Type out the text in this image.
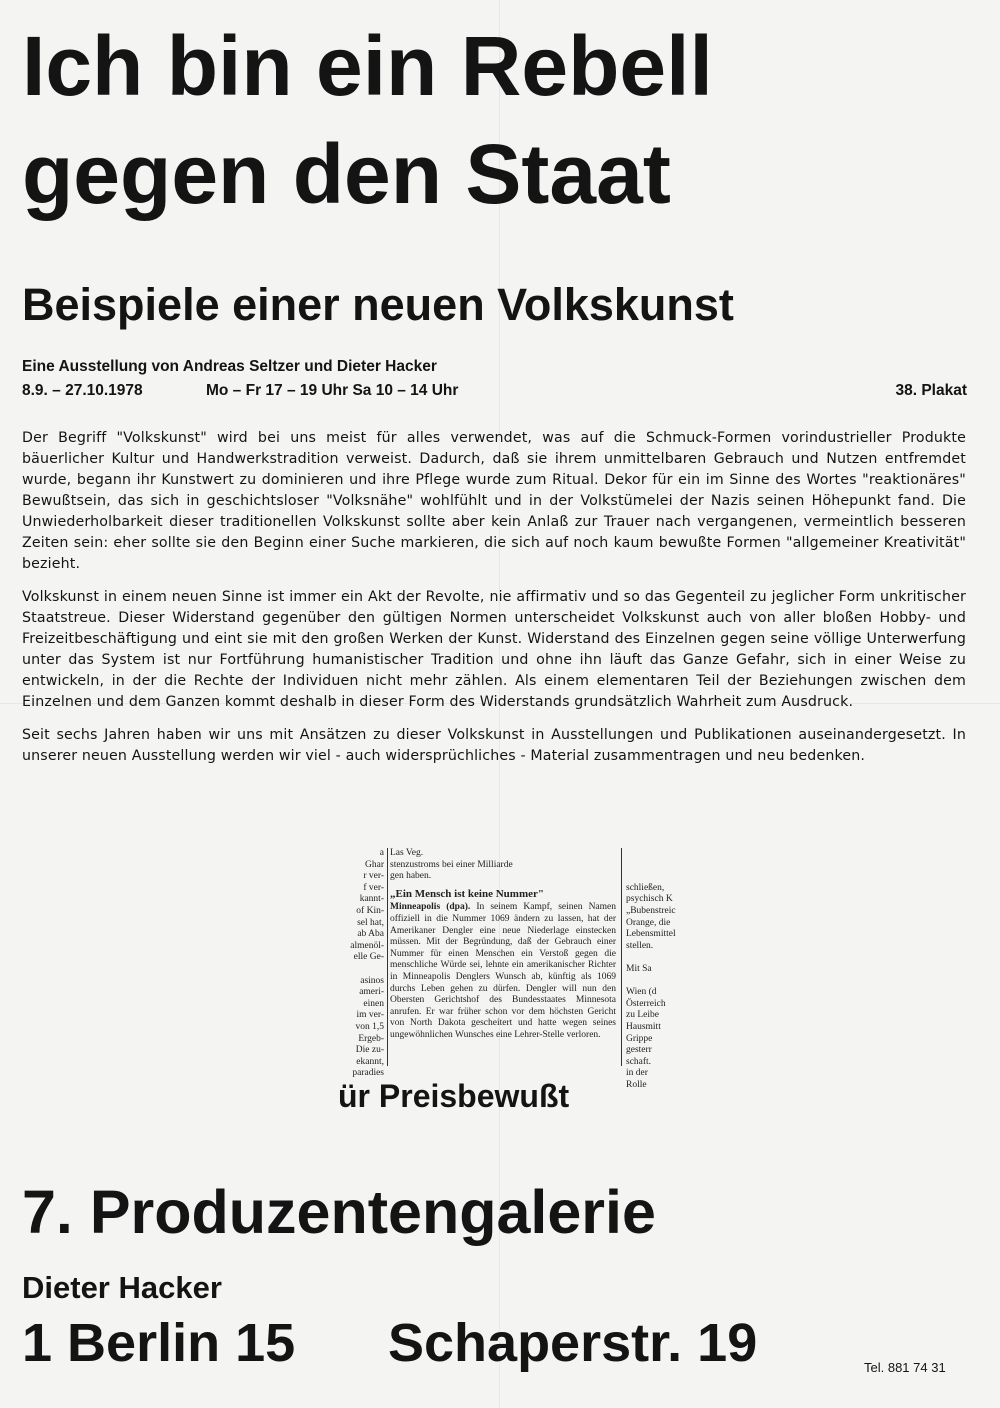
Ich bin ein Rebell
gegen den Staat
Beispiele einer neuen Volkskunst
Eine Ausstellung von Andreas Seltzer und Dieter Hacker
8.9. – 27.10.1978	Mo – Fr 17 – 19 Uhr Sa 10 – 14 Uhr	38. Plakat

Der Begriff "Volkskunst" wird bei uns meist für alles verwendet, was auf die Schmuck-Formen vorindustrieller Produkte bäuerlicher Kultur und Handwerkstradition verweist. Dadurch, daß sie ihrem unmittelbaren Gebrauch und Nutzen entfremdet wurde, begann ihr Kunstwert zu dominieren und ihre Pflege wurde zum Ritual. Dekor für ein im Sinne des Wortes "reaktionäres" Bewußtsein, das sich in geschichtsloser "Volksnähe" wohlfühlt und in der Volkstümelei der Nazis seinen Höhepunkt fand. Die Unwiederholbarkeit dieser traditionellen Volkskunst sollte aber kein Anlaß zur Trauer nach vergangenen, vermeintlich besseren Zeiten sein: eher sollte sie den Beginn einer Suche markieren, die sich auf noch kaum bewußte Formen "allgemeiner Kreativität" bezieht.

Volkskunst in einem neuen Sinne ist immer ein Akt der Revolte, nie affirmativ und so das Gegenteil zu jeglicher Form unkritischer Staatstreue. Dieser Widerstand gegenüber den gültigen Normen unterscheidet Volkskunst auch von aller bloßen Hobby- und Freizeitbeschäftigung und eint sie mit den großen Werken der Kunst. Widerstand des Einzelnen gegen seine völlige Unterwerfung unter das System ist nur Fortführung humanistischer Tradition und ohne ihn läuft das Ganze Gefahr, sich in einer Weise zu entwickeln, in der die Rechte der Individuen nicht mehr zählen. Als einem elementaren Teil der Beziehungen zwischen dem Einzelnen und dem Ganzen kommt deshalb in dieser Form des Widerstands grundsätzlich Wahrheit zum Ausdruck.

Seit sechs Jahren haben wir uns mit Ansätzen zu dieser Volkskunst in Ausstellungen und Publikationen auseinandergesetzt. In unserer neuen Ausstellung werden wir viel - auch widersprüchliches - Material zusammentragen und neu bedenken.

a
Ghar
r ver-
f ver-
kannt-
of Kin-
sel hat,
ab Aba
almenöl-
elle Ge-

asinos
ameri-
einen
im ver-
von 1,5
Ergeb-
Die zu-
ekannt,
paradies
Las Veg.
stenzustroms bei einer Milliarde
gen haben.
„Ein Mensch ist keine Nummer"
Minneapolis (dpa). In seinem Kampf, seinen Namen offiziell in die Nummer 1069 ändern zu lassen, hat der Amerikaner Dengler eine neue Niederlage einstecken müssen. Mit der Begründung, daß der Gebrauch einer Nummer für einen Menschen ein Verstoß gegen die menschliche Würde sei, lehnte ein amerikanischer Richter in Minneapolis Denglers Wunsch ab, künftig als 1069 durchs Leben gehen zu dürfen. Dengler will nun den Obersten Gerichtshof des Bundesstaates Minnesota anrufen. Er war früher schon vor dem höchsten Gericht von North Dakota gescheitert und hatte wegen seines ungewöhnlichen Wunsches eine Lehrer-Stelle verloren.

schließen,
psychisch K
„Bubenstreic
Orange, die
Lebensmittel
stellen.

Mit Sa

Wien (d
Österreich
zu Leibe
Hausmitt
Grippe
gesterr
schaft.
in der
Rolle
ür Preisbewußt
7. Produzentengalerie
Dieter Hacker
1 Berlin 15 Schaperstr. 19	Tel. 881 74 31
